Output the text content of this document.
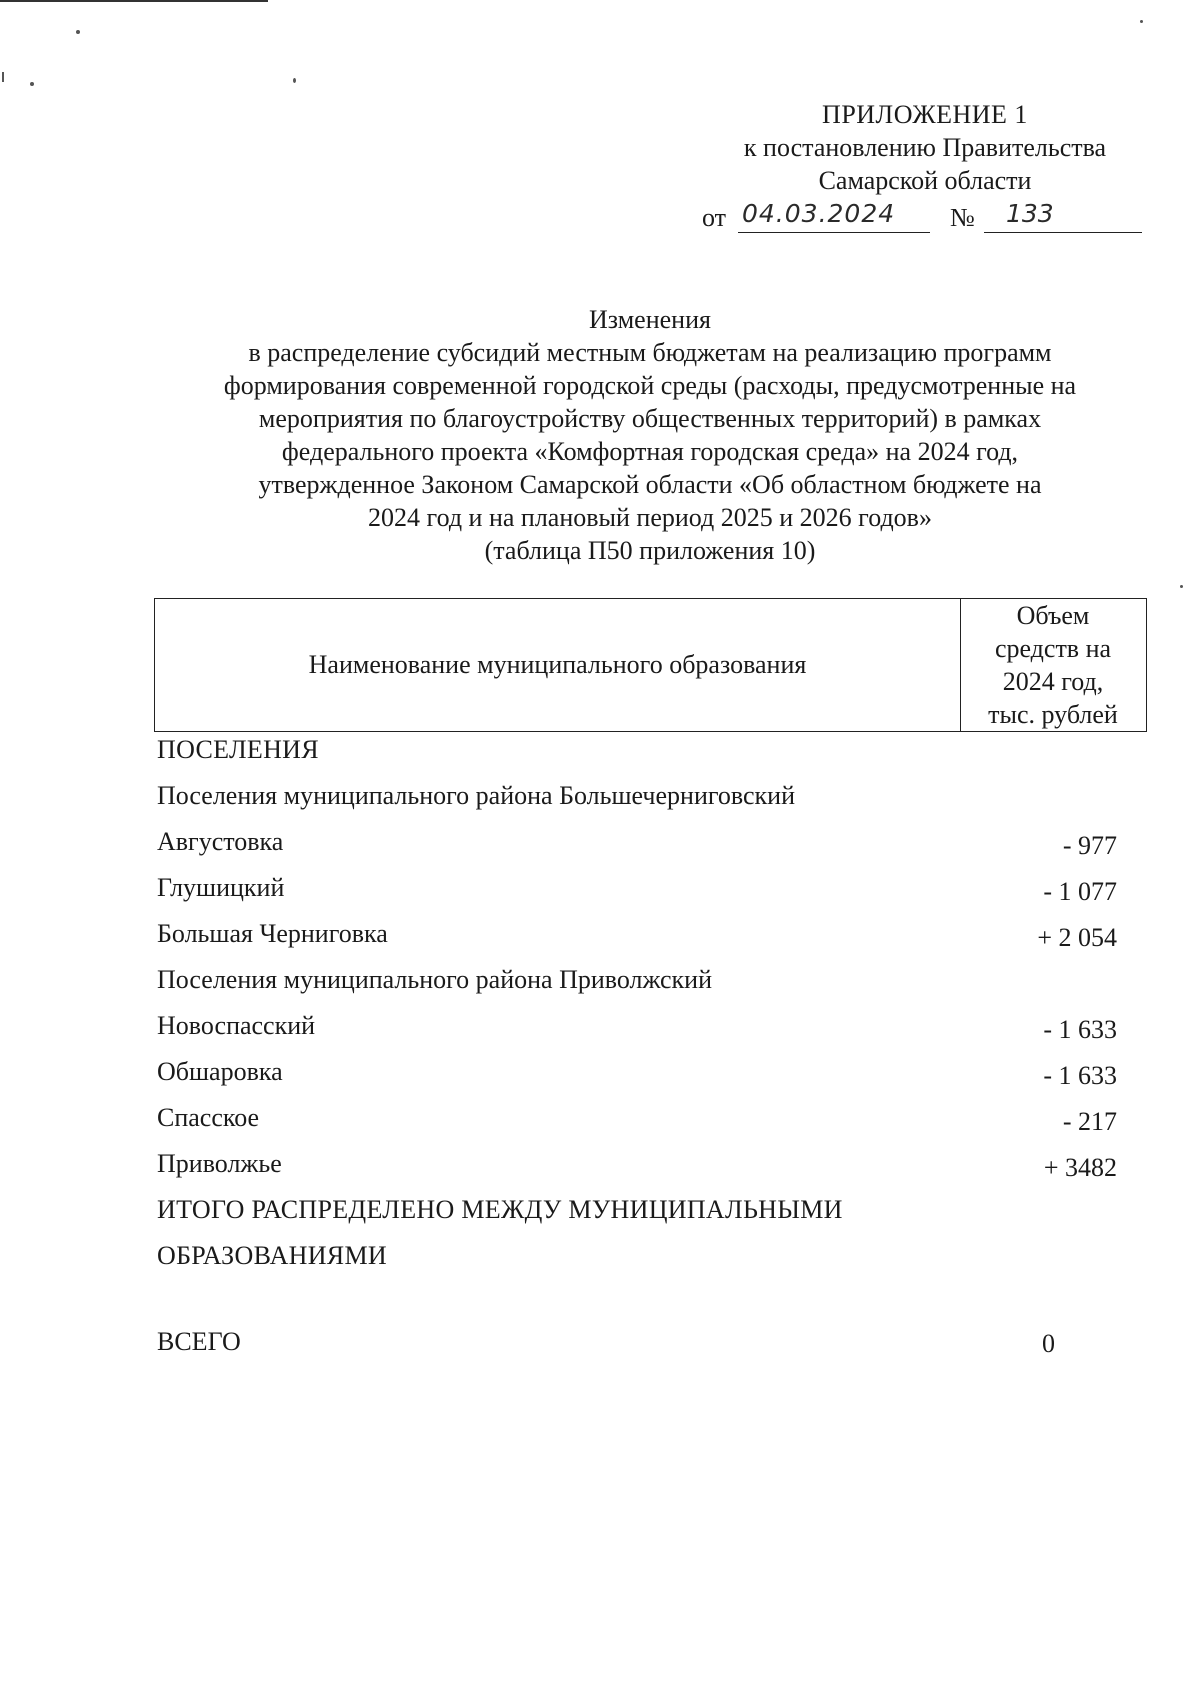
ПРИЛОЖЕНИЕ 1
к постановлению Правительства
Самарской области
от 04.03.2024	№	133
Изменения
в распределение субсидий местным бюджетам на реализацию программ
формирования современной городской среды (расходы, предусмотренные на
мероприятия по благоустройству общественных территорий) в рамках
федерального проекта «Комфортная городская среда» на 2024 год,
утвержденное Законом Самарской области «Об областном бюджете на
2024 год и на плановый период 2025 и 2026 годов»
(таблица П50 приложения 10)
Наименование муниципального образования
Объем
средств на
2024 год,
тыс. рублей
ПОСЕЛЕНИЯ
Поселения муниципального района Большечерниговский
Августовка	- 977
Глушицкий	- 1 077
Большая Черниговка	+ 2 054
Поселения муниципального района Приволжский
Новоспасский	- 1 633
Обшаровка	- 1 633
Спасское	- 217
Приволжье	+ 3482
ИТОГО РАСПРЕДЕЛЕНО МЕЖДУ МУНИЦИПАЛЬНЫМИ
ОБРАЗОВАНИЯМИ
ВСЕГО	0
